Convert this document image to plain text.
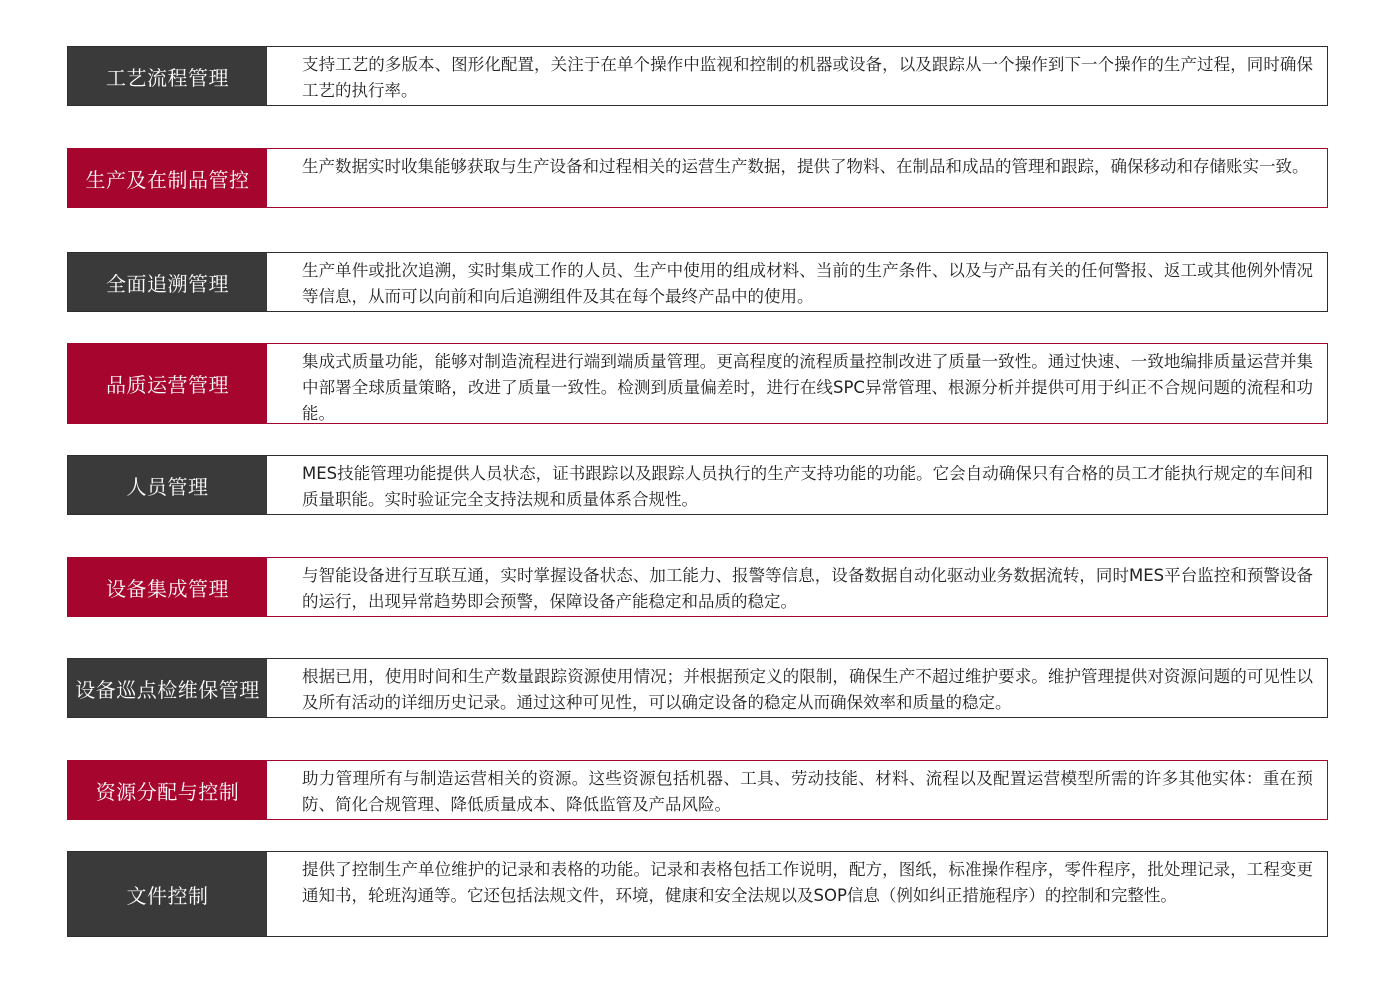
工艺流程管理
支持工艺的多版本、图形化配置，关注于在单个操作中监视和控制的机器或设备，以及跟踪从一个操作到下一个操作的生产过程，同时确保工艺的执行率。
生产及在制品管控
生产数据实时收集能够获取与生产设备和过程相关的运营生产数据，提供了物料、在制品和成品的管理和跟踪，确保移动和存储账实一致。
全面追溯管理
生产单件或批次追溯，实时集成工作的人员、生产中使用的组成材料、当前的生产条件、以及与产品有关的任何警报、返工或其他例外情况等信息，从而可以向前和向后追溯组件及其在每个最终产品中的使用。
品质运营管理
集成式质量功能，能够对制造流程进行端到端质量管理。更高程度的流程质量控制改进了质量一致性。通过快速、一致地编排质量运营并集中部署全球质量策略，改进了质量一致性。检测到质量偏差时，进行在线SPC异常管理、根源分析并提供可用于纠正不合规问题的流程和功能。
人员管理
MES技能管理功能提供人员状态，证书跟踪以及跟踪人员执行的生产支持功能的功能。它会自动确保只有合格的员工才能执行规定的车间和质量职能。实时验证完全支持法规和质量体系合规性。
设备集成管理
与智能设备进行互联互通，实时掌握设备状态、加工能力、报警等信息，设备数据自动化驱动业务数据流转，同时MES平台监控和预警设备的运行，出现异常趋势即会预警，保障设备产能稳定和品质的稳定。
设备巡点检维保管理
根据已用，使用时间和生产数量跟踪资源使用情况；并根据预定义的限制，确保生产不超过维护要求。维护管理提供对资源问题的可见性以及所有活动的详细历史记录。通过这种可见性，可以确定设备的稳定从而确保效率和质量的稳定。
资源分配与控制
助力管理所有与制造运营相关的资源。这些资源包括机器、工具、劳动技能、材料、流程以及配置运营模型所需的许多其他实体：重在预防、简化合规管理、降低质量成本、降低监管及产品风险。
文件控制
提供了控制生产单位维护的记录和表格的功能。记录和表格包括工作说明，配方，图纸，标准操作程序，零件程序，批处理记录，工程变更通知书，轮班沟通等。它还包括法规文件，环境，健康和安全法规以及SOP信息（例如纠正措施程序）的控制和完整性。
